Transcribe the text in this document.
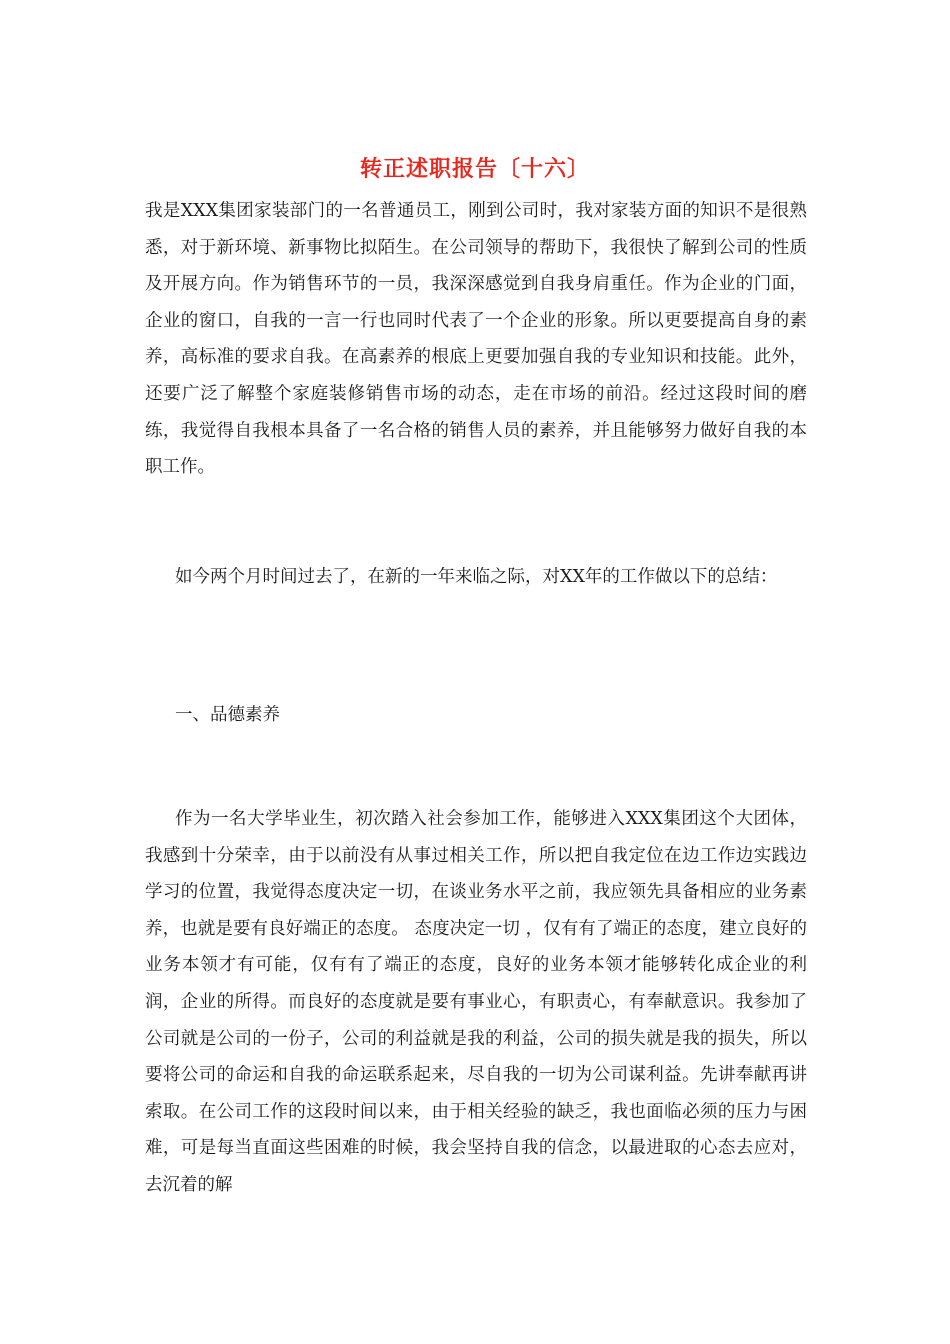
转正述职报告〔十六〕

我是XXX集团家装部门的一名普通员工，刚到公司时，我对家装方面的知识不是很熟悉，对于新环境、新事物比拟陌生。在公司领导的帮助下，我很快了解到公司的性质及开展方向。作为销售环节的一员，我深深感觉到自我身肩重任。作为企业的门面，企业的窗口，自我的一言一行也同时代表了一个企业的形象。所以更要提高自身的素养，高标准的要求自我。在高素养的根底上更要加强自我的专业知识和技能。此外，还要广泛了解整个家庭装修销售市场的动态，走在市场的前沿。经过这段时间的磨练，我觉得自我根本具备了一名合格的销售人员的素养，并且能够努力做好自我的本职工作。

如今两个月时间过去了，在新的一年来临之际，对XX年的工作做以下的总结：

一、品德素养

作为一名大学毕业生，初次踏入社会参加工作，能够进入XXX集团这个大团体，我感到十分荣幸，由于以前没有从事过相关工作，所以把自我定位在边工作边实践边学习的位置，我觉得态度决定一切，在谈业务水平之前，我应领先具备相应的业务素养，也就是要有良好端正的态度。 态度决定一切 ，仅有有了端正的态度，建立良好的业务本领才有可能，仅有有了端正的态度，良好的业务本领才能够转化成企业的利润，企业的所得。而良好的态度就是要有事业心，有职责心，有奉献意识。我参加了公司就是公司的一份子，公司的利益就是我的利益，公司的损失就是我的损失，所以要将公司的命运和自我的命运联系起来，尽自我的一切为公司谋利益。先讲奉献再讲索取。在公司工作的这段时间以来，由于相关经验的缺乏，我也面临必须的压力与困难，可是每当直面这些困难的时候，我会坚持自我的信念，以最进取的心态去应对，去沉着的解
